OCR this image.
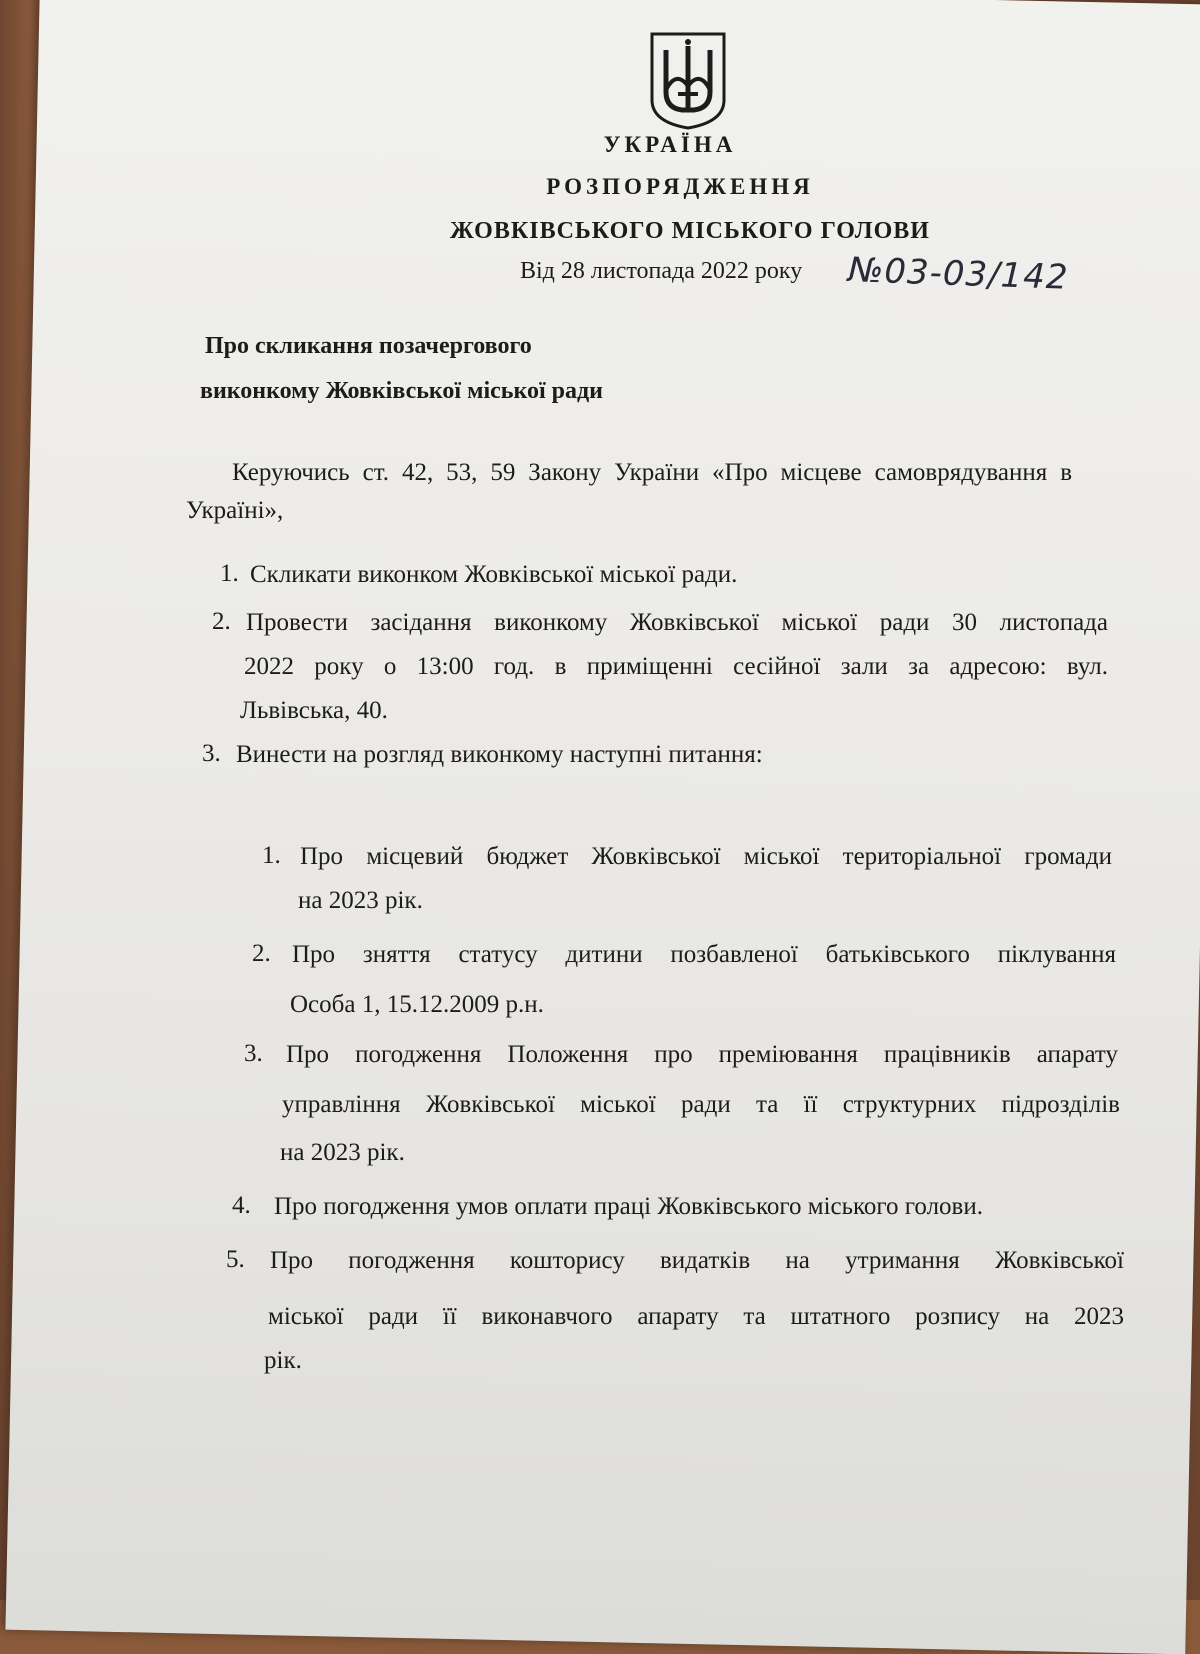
УКРАЇНА
РОЗПОРЯДЖЕННЯ
ЖОВКІВСЬКОГО МІСЬКОГО ГОЛОВИ
Від 28 листопада 2022 року №03-03/142
Про скликання позачергового
виконкому Жовківської міської ради
Керуючись ст. 42, 53, 59 Закону України «Про місцеве самоврядування в
Україні»,
1. Скликати виконком Жовківської міської ради.
2. Провести засідання виконкому Жовківської міської ради 30 листопада
2022 року о 13:00 год. в приміщенні сесійної зали за адресою: вул.
Львівська, 40.
3. Винести на розгляд виконкому наступні питання:
1. Про місцевий бюджет Жовківської міської територіальної громади
на 2023 рік.
2. Про зняття статусу дитини позбавленої батьківського піклування
Особа 1, 15.12.2009 р.н.
3. Про погодження Положення про преміювання працівників апарату
управління Жовківської міської ради та її структурних підрозділів
на 2023 рік.
4. Про погодження умов оплати праці Жовківського міського голови.
5. Про погодження кошторису видатків на утримання Жовківської
міської ради її виконавчого апарату та штатного розпису на 2023
рік.
